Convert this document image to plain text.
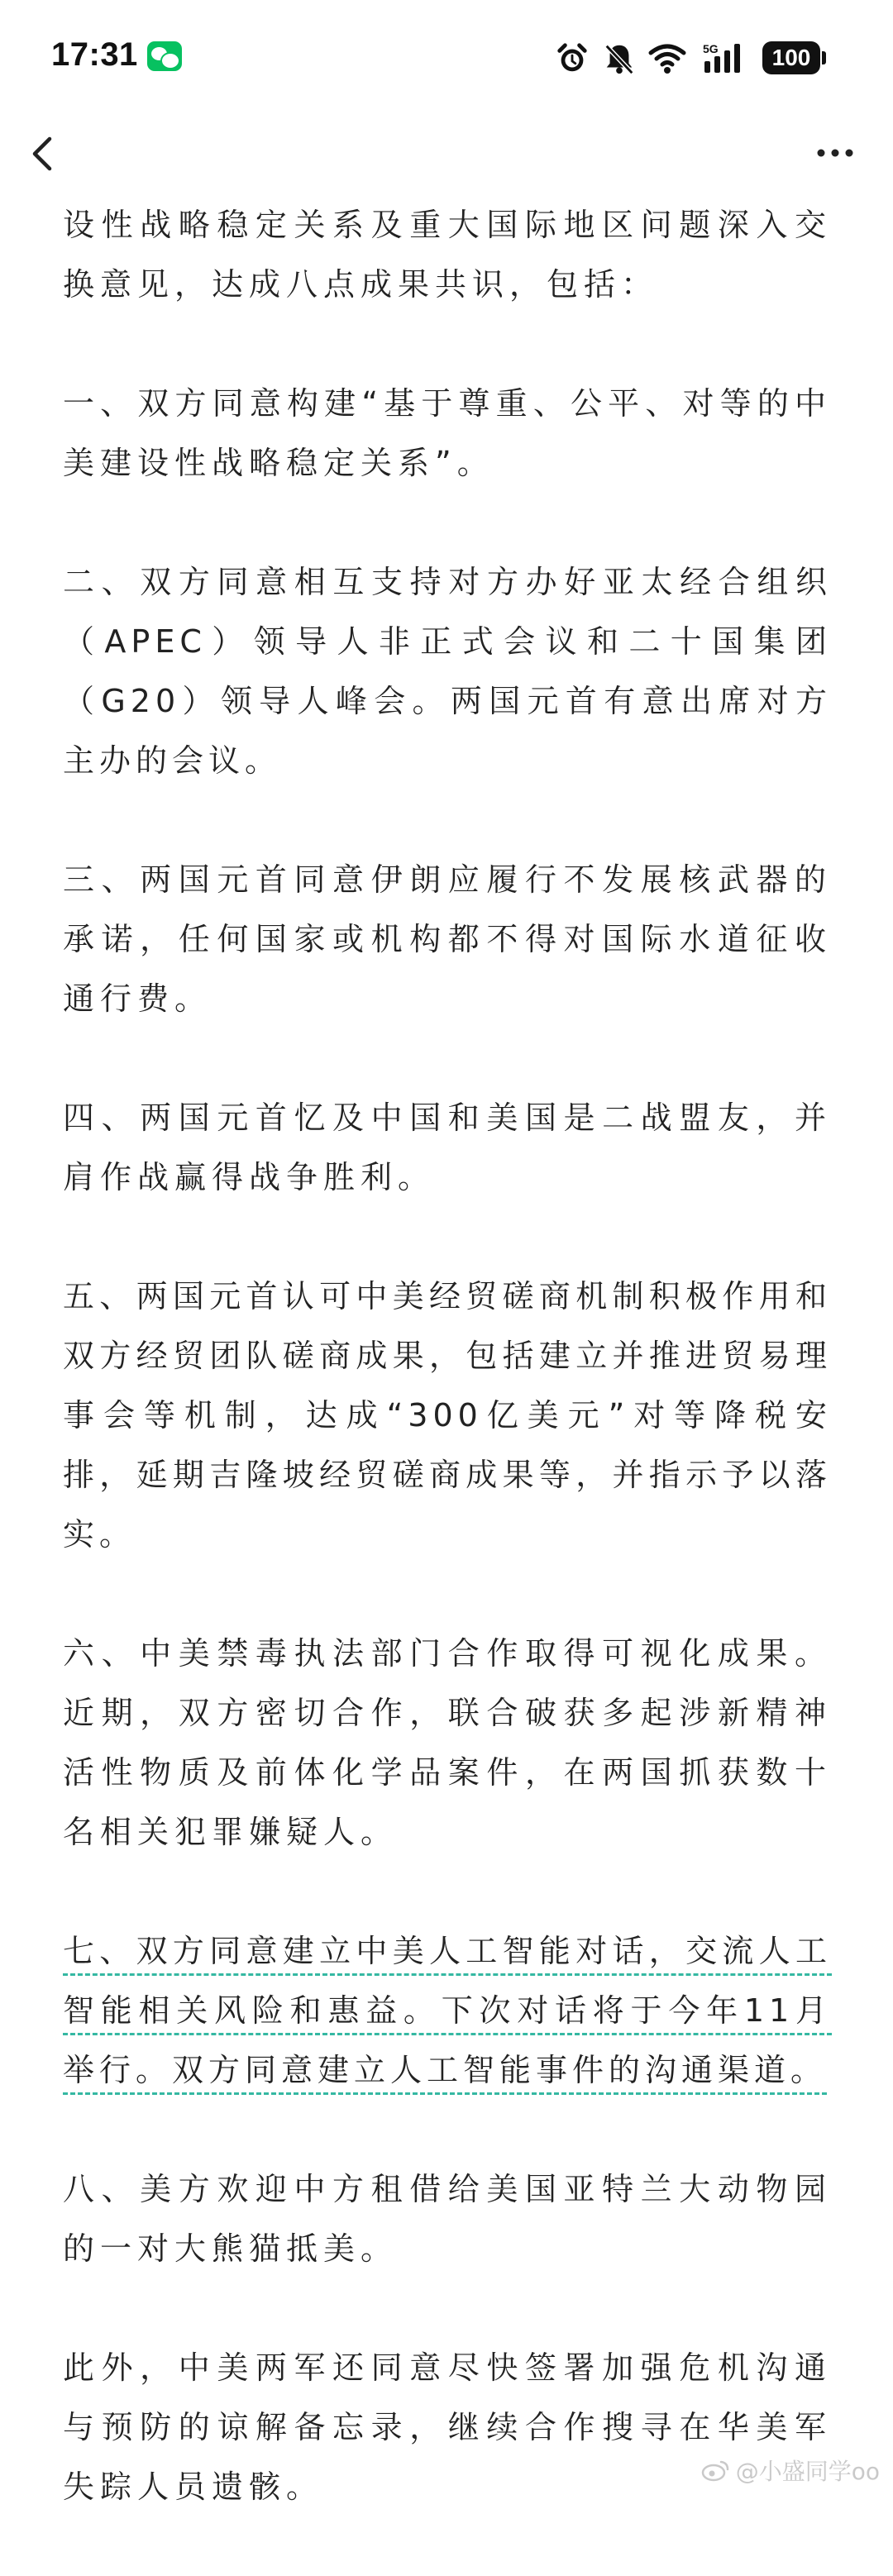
17:31	5G	100

设性战略稳定关系及重大国际地区问题深入交换意见，达成八点成果共识，包括：

一、双方同意构建“基于尊重、公平、对等的中美建设性战略稳定关系”。

二、双方同意相互支持对方办好亚太经合组织（APEC）领导人非正式会议和二十国集团（G20）领导人峰会。两国元首有意出席对方主办的会议。

三、两国元首同意伊朗应履行不发展核武器的承诺，任何国家或机构都不得对国际水道征收通行费。

四、两国元首忆及中国和美国是二战盟友，并肩作战赢得战争胜利。

五、两国元首认可中美经贸磋商机制积极作用和双方经贸团队磋商成果，包括建立并推进贸易理事会等机制，达成“300亿美元”对等降税安排，延期吉隆坡经贸磋商成果等，并指示予以落实。

六、中美禁毒执法部门合作取得可视化成果。近期，双方密切合作，联合破获多起涉新精神活性物质及前体化学品案件，在两国抓获数十名相关犯罪嫌疑人。

七、双方同意建立中美人工智能对话，交流人工智能相关风险和惠益。下次对话将于今年11月举行。双方同意建立人工智能事件的沟通渠道。

八、美方欢迎中方租借给美国亚特兰大动物园的一对大熊猫抵美。

此外，中美两军还同意尽快签署加强危机沟通与预防的谅解备忘录，继续合作搜寻在华美军失踪人员遗骸。	@小盛同学oo
